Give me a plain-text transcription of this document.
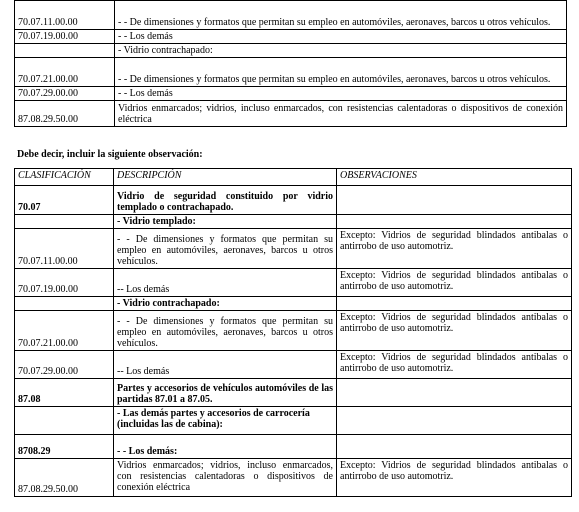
70.07.11.00.00	- - De dimensiones y formatos que permitan su empleo en automóviles, aeronaves, barcos u otros vehículos.
70.07.19.00.00	- - Los demás
	- Vidrio contrachapado:
70.07.21.00.00	- - De dimensiones y formatos que permitan su empleo en automóviles, aeronaves, barcos u otros vehículos.
70.07.29.00.00	- - Los demás
87.08.29.50.00	Vidrios enmarcados; vidrios, incluso enmarcados, con resistencias calentadoras o dispositivos de conexión eléctrica
Debe decir, incluir la siguiente observación:
CLASIFICACIÓN	DESCRIPCIÓN	OBSERVACIONES
70.07	Vidrio de seguridad constituido por vidrio templado o contrachapado.	
	- Vidrio templado:	
70.07.11.00.00	- - De dimensiones y formatos que permitan su empleo en automóviles, aeronaves, barcos u otros vehículos.	Excepto: Vidrios de seguridad blindados antibalas o antirrobo de uso automotriz.
70.07.19.00.00	-- Los demás	Excepto: Vidrios de seguridad blindados antibalas o antirrobo de uso automotriz.
	- Vidrio contrachapado:	
70.07.21.00.00	- - De dimensiones y formatos que permitan su empleo en automóviles, aeronaves, barcos u otros vehículos.	Excepto: Vidrios de seguridad blindados antibalas o antirrobo de uso automotriz.
70.07.29.00.00	-- Los demás	Excepto: Vidrios de seguridad blindados antibalas o antirrobo de uso automotriz.
87.08	Partes y accesorios de vehículos automóviles de las partidas 87.01 a 87.05.	
	- Las demás partes y accesorios de carrocería (incluidas las de cabina):	
8708.29	- - Los demás:	
87.08.29.50.00	Vidrios enmarcados; vidrios, incluso enmarcados, con resistencias calentadoras o dispositivos de conexión eléctrica	Excepto: Vidrios de seguridad blindados antibalas o antirrobo de uso automotriz.
